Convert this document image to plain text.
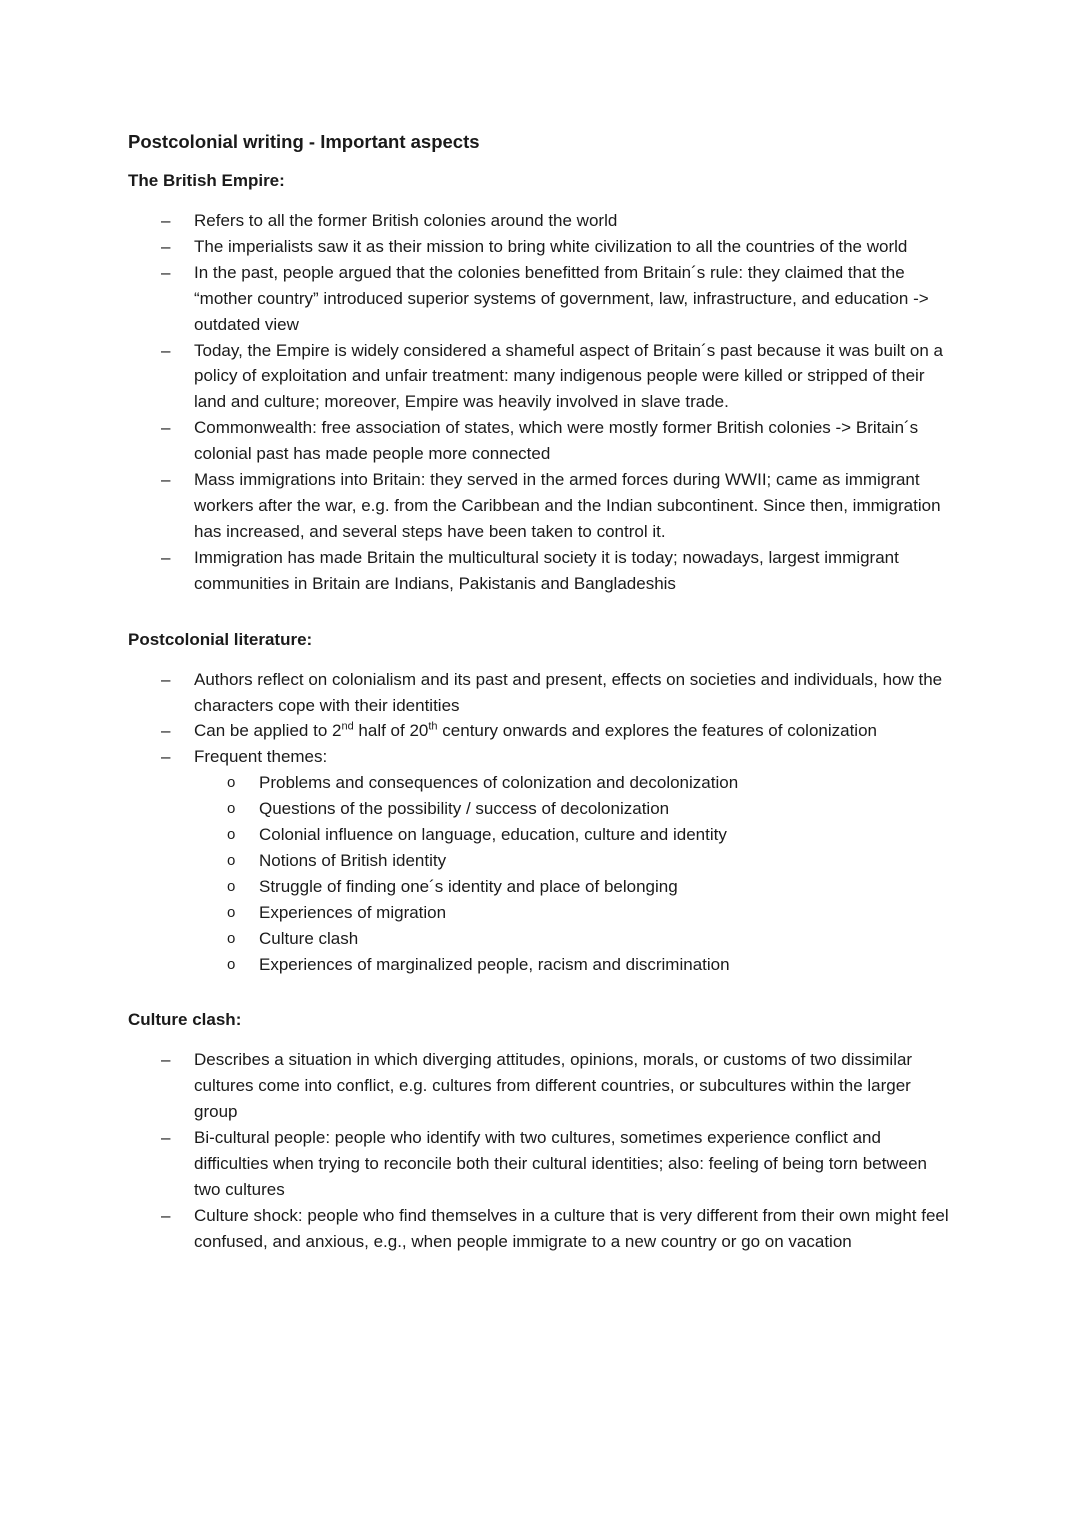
Postcolonial writing - Important aspects
The British Empire:
– Refers to all the former British colonies around the world
– The imperialists saw it as their mission to bring white civilization to all the countries of the world
– In the past, people argued that the colonies benefitted from Britain´s rule: they claimed that the “mother country” introduced superior systems of government, law, infrastructure, and education -> outdated view
– Today, the Empire is widely considered a shameful aspect of Britain´s past because it was built on a policy of exploitation and unfair treatment: many indigenous people were killed or stripped of their land and culture; moreover, Empire was heavily involved in slave trade.
– Commonwealth: free association of states, which were mostly former British colonies -> Britain´s colonial past has made people more connected
– Mass immigrations into Britain: they served in the armed forces during WWII; came as immigrant workers after the war, e.g. from the Caribbean and the Indian subcontinent. Since then, immigration has increased, and several steps have been taken to control it.
– Immigration has made Britain the multicultural society it is today; nowadays, largest immigrant communities in Britain are Indians, Pakistanis and Bangladeshis
Postcolonial literature:
– Authors reflect on colonialism and its past and present, effects on societies and individuals, how the characters cope with their identities
– Can be applied to 2nd half of 20th century onwards and explores the features of colonization
– Frequent themes:
o Problems and consequences of colonization and decolonization
o Questions of the possibility / success of decolonization
o Colonial influence on language, education, culture and identity
o Notions of British identity
o Struggle of finding one´s identity and place of belonging
o Experiences of migration
o Culture clash
o Experiences of marginalized people, racism and discrimination
Culture clash:
– Describes a situation in which diverging attitudes, opinions, morals, or customs of two dissimilar cultures come into conflict, e.g. cultures from different countries, or subcultures within the larger group
– Bi-cultural people: people who identify with two cultures, sometimes experience conflict and difficulties when trying to reconcile both their cultural identities; also: feeling of being torn between two cultures
– Culture shock: people who find themselves in a culture that is very different from their own might feel confused, and anxious, e.g., when people immigrate to a new country or go on vacation
